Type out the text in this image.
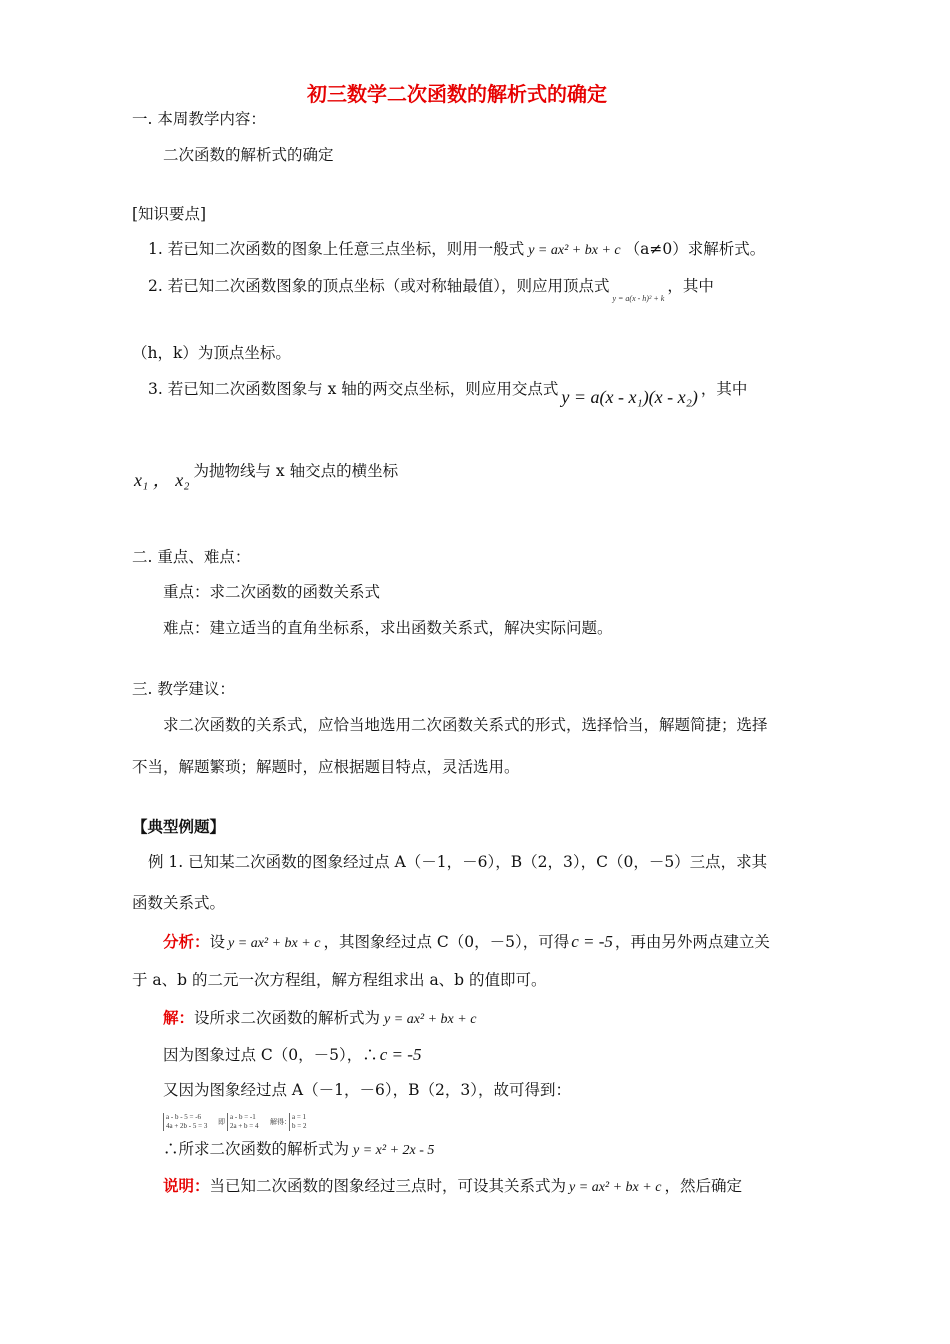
初三数学二次函数的解析式的确定
一. 本周教学内容：
二次函数的解析式的确定
[知识要点]
1. 若已知二次函数的图象上任意三点坐标，则用一般式 y = ax² + bx + c （a≠0）求解析式。
2. 若已知二次函数图象的顶点坐标（或对称轴最值），则应用顶点式$_{y = a(x - h)^2 + k}$，其中
（h，k）为顶点坐标。
3. 若已知二次函数图象与 x 轴的两交点坐标，则应用交点式 y = a(x - x₁)(x - x₂) ，其中
x₁ ， x₂ 为抛物线与 x 轴交点的横坐标
二. 重点、难点：
重点：求二次函数的函数关系式
难点：建立适当的直角坐标系，求出函数关系式，解决实际问题。
三. 教学建议：
求二次函数的关系式，应恰当地选用二次函数关系式的形式，选择恰当，解题简捷；选择
不当，解题繁琐；解题时，应根据题目特点，灵活选用。
【典型例题】
例 1. 已知某二次函数的图象经过点 A（－1，－6），B（2，3），C（0，－5）三点，求其
函数关系式。
分析：设 y = ax² + bx + c ，其图象经过点 C（0，－5），可得 c = -5 ，再由另外两点建立关
于 a、b 的二元一次方程组，解方程组求出 a、b 的值即可。
解：设所求二次函数的解析式为 y = ax² + bx + c
因为图象过点 C（0，－5），∴ c = -5
又因为图象经过点 A（－1，－6），B（2，3），故可得到：
a - b - 5 = -6
4a + 2b - 5 = 3 即
a - b = -1
2a + b = 4 解得：
a = 1
b = 2
∴所求二次函数的解析式为 y = x² + 2x - 5
说明：当已知二次函数的图象经过三点时，可设其关系式为 y = ax² + bx + c ，然后确定
